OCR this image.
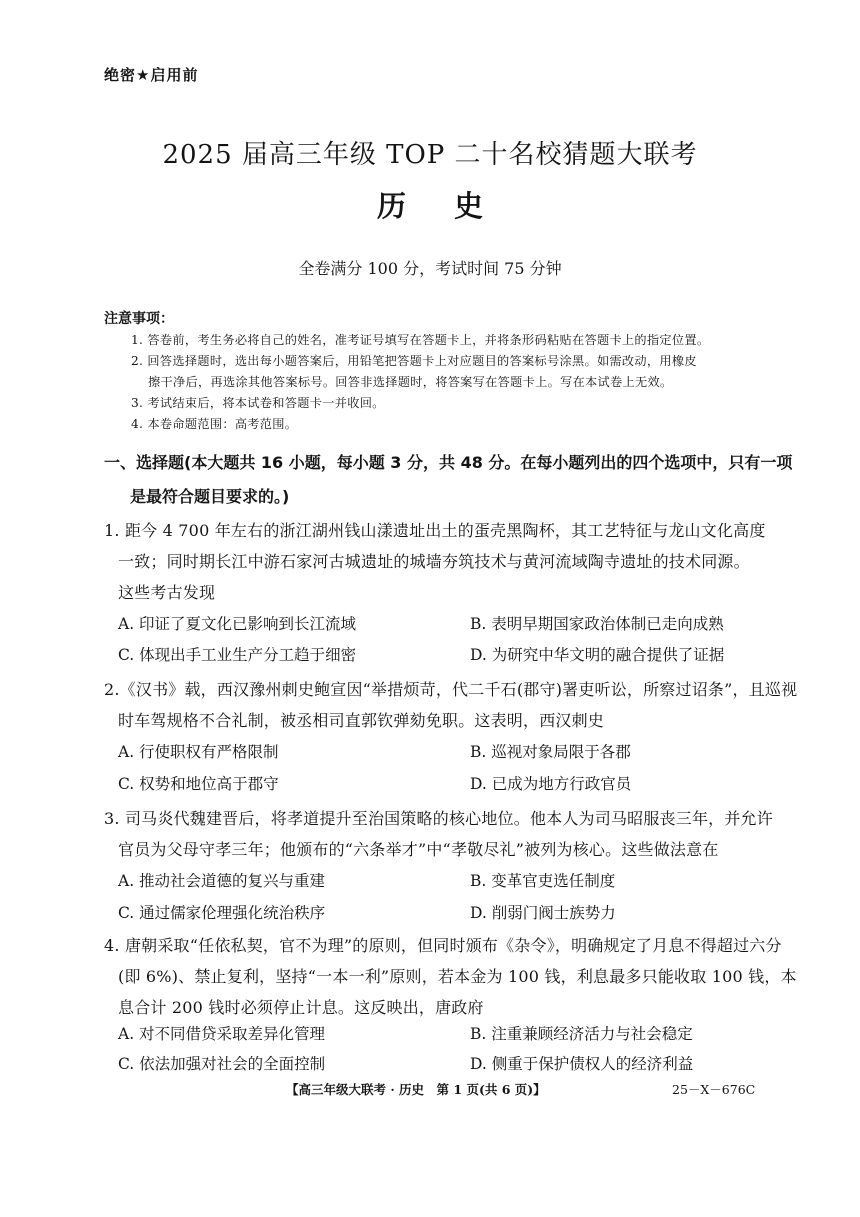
绝密★启用前
2025 届高三年级 TOP 二十名校猜题大联考
历 史
全卷满分 100 分，考试时间 75 分钟
注意事项：
1. 答卷前，考生务必将自己的姓名，准考证号填写在答题卡上，并将条形码粘贴在答题卡上的指定位置。
2. 回答选择题时，选出每小题答案后，用铅笔把答题卡上对应题目的答案标号涂黑。如需改动，用橡皮
擦干净后，再选涂其他答案标号。回答非选择题时，将答案写在答题卡上。写在本试卷上无效。
3. 考试结束后，将本试卷和答题卡一并收回。
4. 本卷命题范围：高考范围。
一、选择题(本大题共 16 小题，每小题 3 分，共 48 分。在每小题列出的四个选项中，只有一项
是最符合题目要求的。)
1. 距今 4 700 年左右的浙江湖州钱山漾遗址出土的蛋壳黑陶杯，其工艺特征与龙山文化高度
一致；同时期长江中游石家河古城遗址的城墙夯筑技术与黄河流域陶寺遗址的技术同源。
这些考古发现
A. 印证了夏文化已影响到长江流域	B. 表明早期国家政治体制已走向成熟
C. 体现出手工业生产分工趋于细密	D. 为研究中华文明的融合提供了证据
2.《汉书》载，西汉豫州刺史鲍宣因“举措烦苛，代二千石(郡守)署吏听讼，所察过诏条”，且巡视
时车驾规格不合礼制，被丞相司直郭钦弹劾免职。这表明，西汉刺史
A. 行使职权有严格限制	B. 巡视对象局限于各郡
C. 权势和地位高于郡守	D. 已成为地方行政官员
3. 司马炎代魏建晋后，将孝道提升至治国策略的核心地位。他本人为司马昭服丧三年，并允许
官员为父母守孝三年；他颁布的“六条举才”中“孝敬尽礼”被列为核心。这些做法意在
A. 推动社会道德的复兴与重建	B. 变革官吏选任制度
C. 通过儒家伦理强化统治秩序	D. 削弱门阀士族势力
4. 唐朝采取“任依私契，官不为理”的原则，但同时颁布《杂令》，明确规定了月息不得超过六分
(即 6%)、禁止复利，坚持“一本一利”原则，若本金为 100 钱，利息最多只能收取 100 钱，本
息合计 200 钱时必须停止计息。这反映出，唐政府
A. 对不同借贷采取差异化管理	B. 注重兼顾经济活力与社会稳定
C. 依法加强对社会的全面控制	D. 侧重于保护债权人的经济利益
【高三年级大联考 · 历史　第 1 页(共 6 页)】	25－X－676C
